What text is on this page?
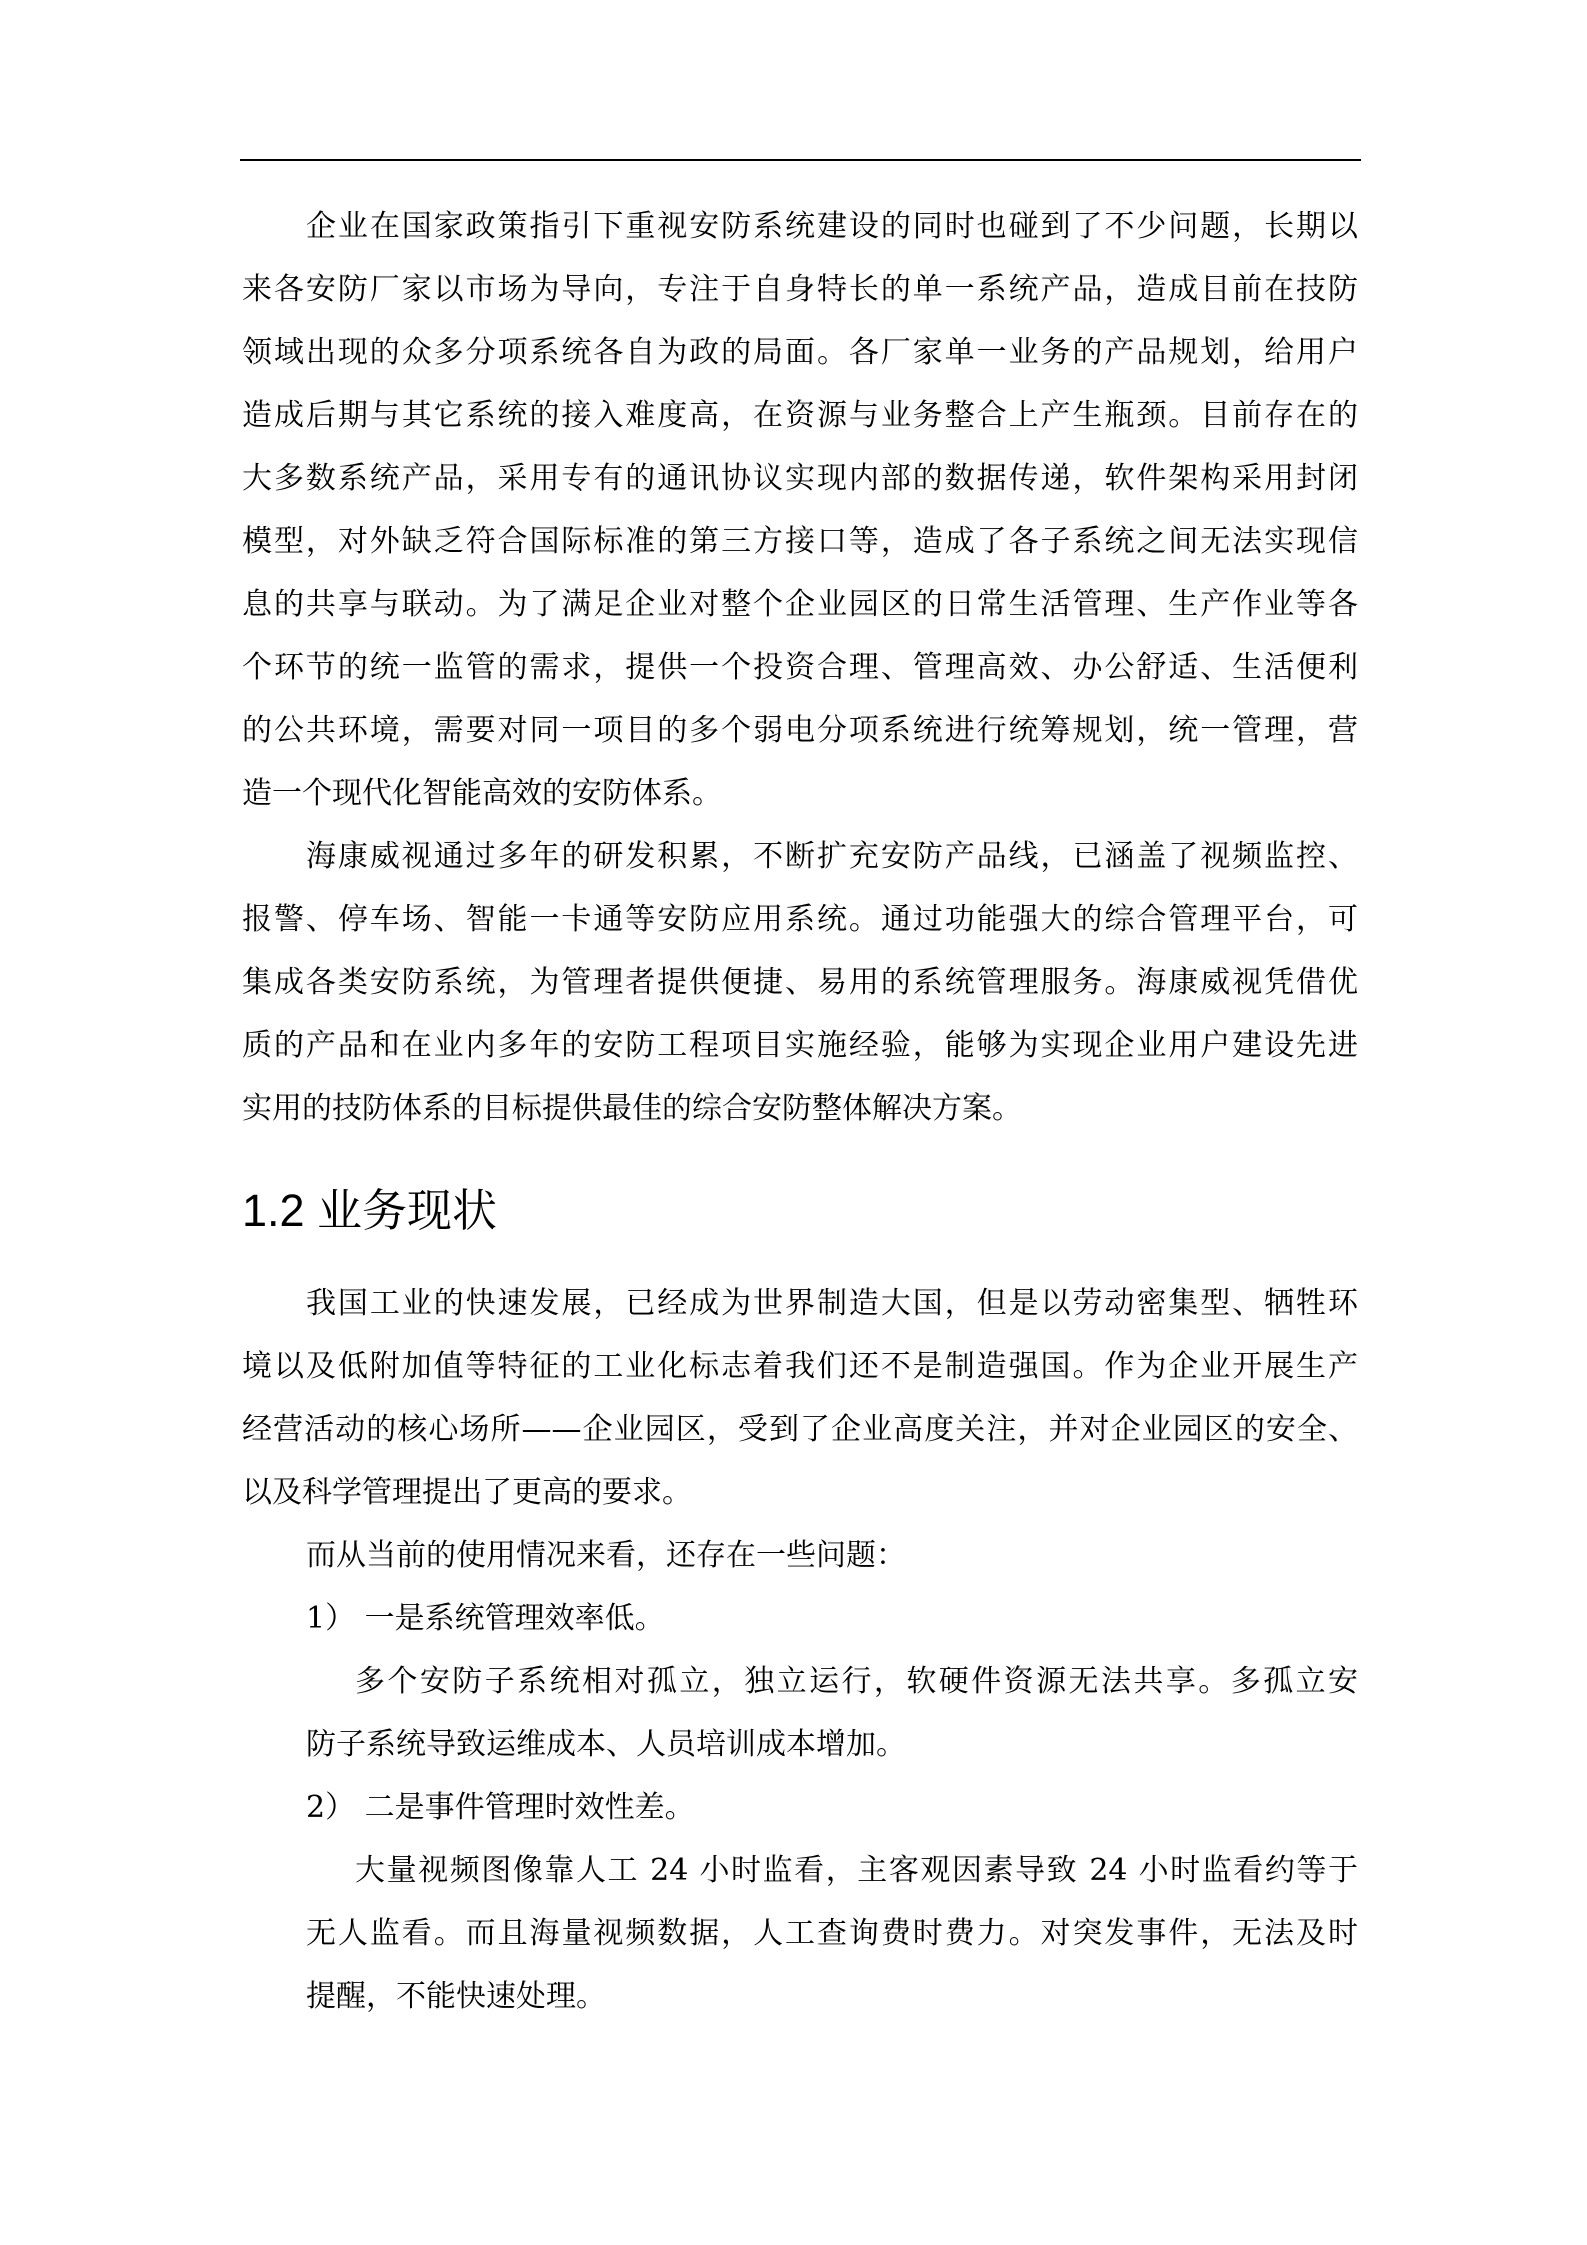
企业在国家政策指引下重视安防系统建设的同时也碰到了不少问题，长期以
来各安防厂家以市场为导向，专注于自身特长的单一系统产品，造成目前在技防
领域出现的众多分项系统各自为政的局面。各厂家单一业务的产品规划，给用户
造成后期与其它系统的接入难度高，在资源与业务整合上产生瓶颈。目前存在的
大多数系统产品，采用专有的通讯协议实现内部的数据传递，软件架构采用封闭
模型，对外缺乏符合国际标准的第三方接口等，造成了各子系统之间无法实现信
息的共享与联动。为了满足企业对整个企业园区的日常生活管理、生产作业等各
个环节的统一监管的需求，提供一个投资合理、管理高效、办公舒适、生活便利
的公共环境，需要对同一项目的多个弱电分项系统进行统筹规划，统一管理，营
造一个现代化智能高效的安防体系。
海康威视通过多年的研发积累，不断扩充安防产品线，已涵盖了视频监控、
报警、停车场、智能一卡通等安防应用系统。通过功能强大的综合管理平台，可
集成各类安防系统，为管理者提供便捷、易用的系统管理服务。海康威视凭借优
质的产品和在业内多年的安防工程项目实施经验，能够为实现企业用户建设先进
实用的技防体系的目标提供最佳的综合安防整体解决方案。
1.2 业务现状
我国工业的快速发展，已经成为世界制造大国，但是以劳动密集型、牺牲环
境以及低附加值等特征的工业化标志着我们还不是制造强国。作为企业开展生产
经营活动的核心场所——企业园区，受到了企业高度关注，并对企业园区的安全、
以及科学管理提出了更高的要求。
而从当前的使用情况来看，还存在一些问题：
1） 一是系统管理效率低。
多个安防子系统相对孤立，独立运行，软硬件资源无法共享。多孤立安
防子系统导致运维成本、人员培训成本增加。
2） 二是事件管理时效性差。
大量视频图像靠人工 24 小时监看，主客观因素导致 24 小时监看约等于
无人监看。而且海量视频数据，人工查询费时费力。对突发事件，无法及时
提醒，不能快速处理。
